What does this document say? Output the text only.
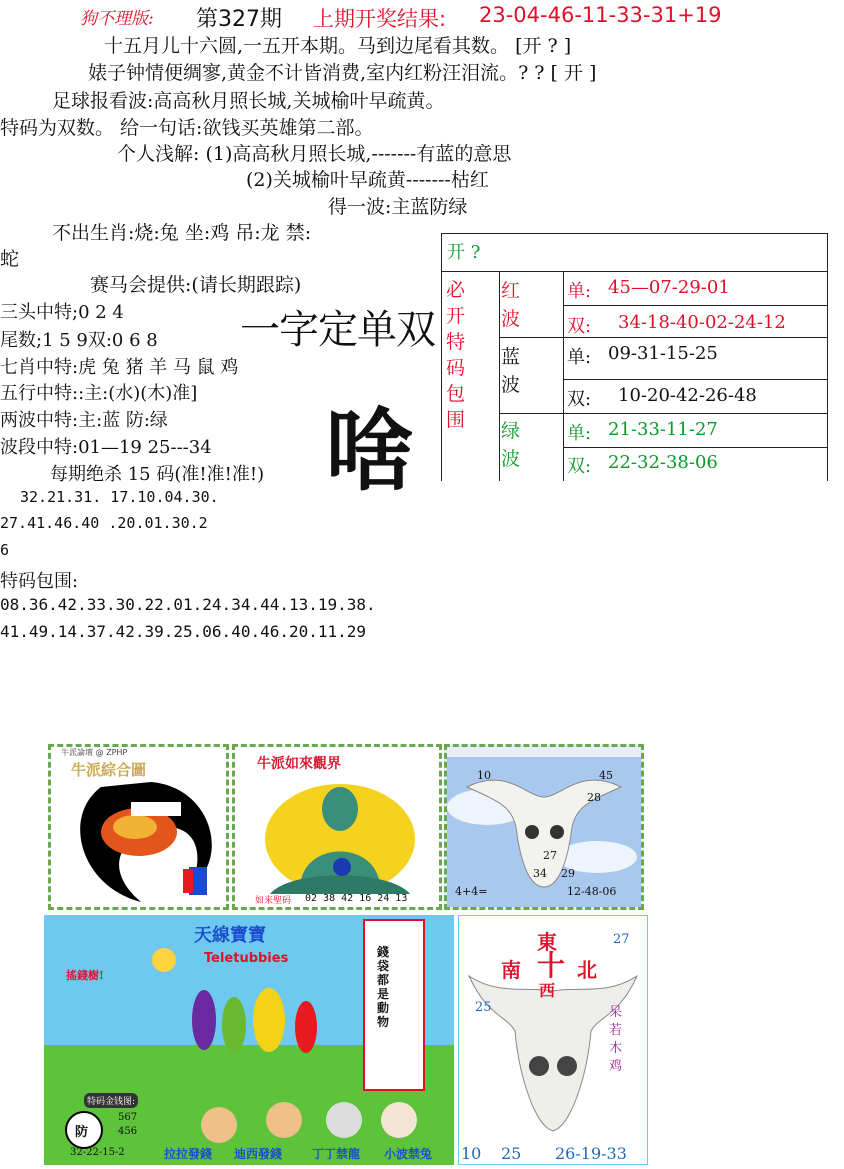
狗不理版: 第327期 上期开奖结果: 23-04-46-11-33-31+19
十五月儿十六圆,一五开本期。马到边尾看其数。 [开 ? ]
婊子钟情便绸寥,黄金不计皆消费,室内红粉汪泪流。? ? [ 开 ]
足球报看波:高高秋月照长城,关城榆叶早疏黄。
特码为双数。 给一句话:欲钱买英雄第二部。
个人浅解: (1)高高秋月照长城,-------有蓝的意思
(2)关城榆叶早疏黄-------枯红
得一波:主蓝防绿
不出生肖:烧:兔 坐:鸡 吊:龙 禁:
蛇
赛马会提供:(请长期跟踪)
三头中特;0 2 4
尾数;1 5 9双:0 6 8
七肖中特:虎 兔 猪 羊 马 鼠 鸡
五行中特::主:(水)(木)准]
两波中特:主:蓝 防:绿
波段中特:01—19 25---34
每期绝杀 15 码(准!准!准!)
32.21.31. 17.10.04.30.
27.41.46.40 .20.01.30.2
6
特码包围:
08.36.42.33.30.22.01.24.34.44.13.19.38.
41.49.14.37.42.39.25.06.40.46.20.11.29
一字定单双
啥
开 ?
必开特码包围
红波
单: 45—07-29-01
双: 34-18-40-02-24-12
蓝波
单: 09-31-15-25
双: 10-20-42-26-48
绿波
单: 21-33-11-27
双: 22-32-38-06
牛派論壇 @ ZPHP
牛派綜合圖	牛派如來觀界
如来聖码 02 38 42 16 24 13
10	45
28
27
34 29
12-48-06
4+4=
天線寶寶
Teletubbies
搖錢樹!
錢袋都是動物
特码金钱图:
防
567
456
32-22-15-2	拉拉發錢 迪西發錢 丁丁禁龍 小波禁兔
東
南 十 北
西
27
25	呆若木鸡
10 25 26-19-33
